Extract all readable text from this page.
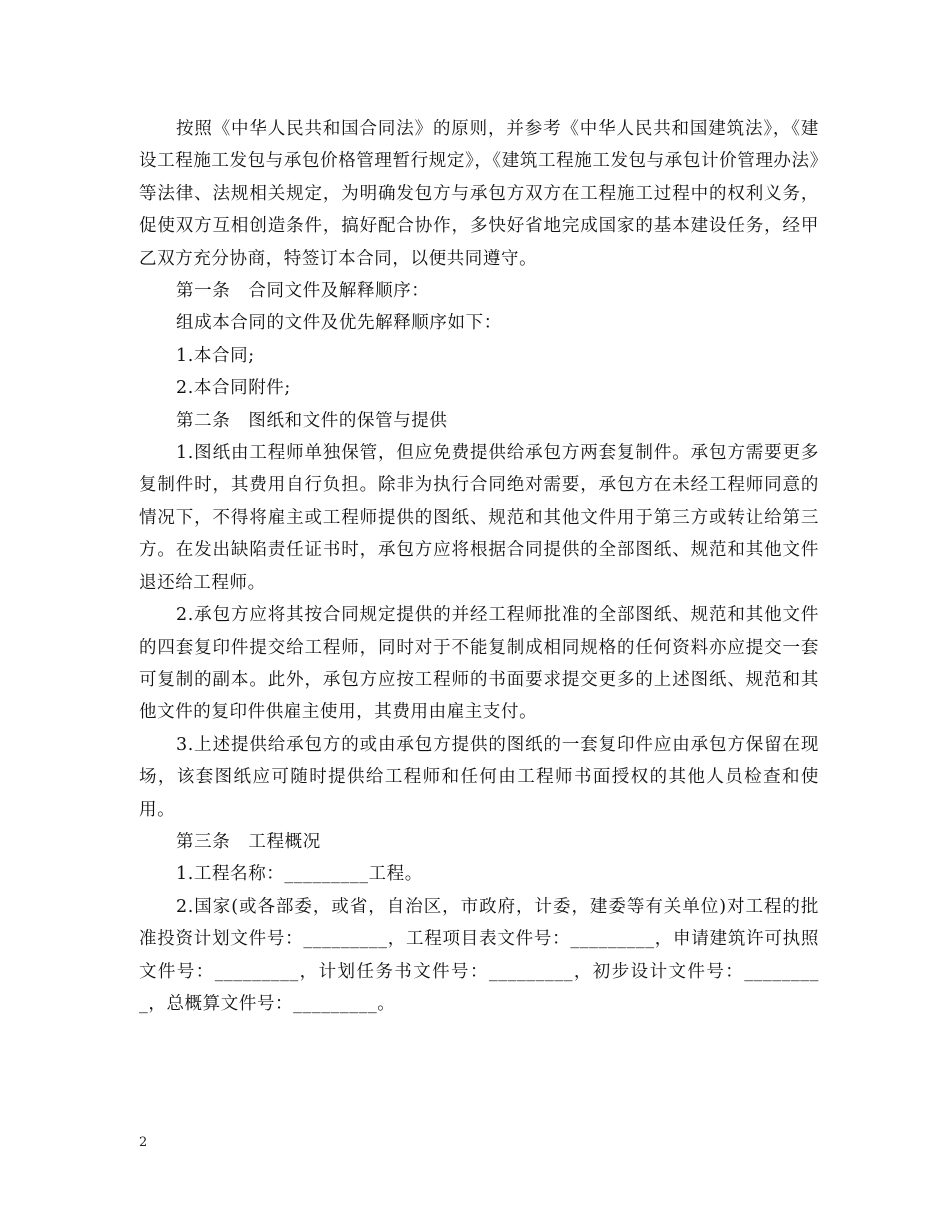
按照《中华人民共和国合同法》的原则，并参考《中华人民共和国建筑法》，《建设工程施工发包与承包价格管理暂行规定》，《建筑工程施工发包与承包计价管理办法》等法律、法规相关规定，为明确发包方与承包方双方在工程施工过程中的权利义务，促使双方互相创造条件，搞好配合协作，多快好省地完成国家的基本建设任务，经甲乙双方充分协商，特签订本合同，以便共同遵守。

第一条　合同文件及解释顺序：

组成本合同的文件及优先解释顺序如下：

1.本合同;

2.本合同附件;

第二条　图纸和文件的保管与提供

1.图纸由工程师单独保管，但应免费提供给承包方两套复制件。承包方需要更多复制件时，其费用自行负担。除非为执行合同绝对需要，承包方在未经工程师同意的情况下，不得将雇主或工程师提供的图纸、规范和其他文件用于第三方或转让给第三方。在发出缺陷责任证书时，承包方应将根据合同提供的全部图纸、规范和其他文件退还给工程师。

2.承包方应将其按合同规定提供的并经工程师批准的全部图纸、规范和其他文件的四套复印件提交给工程师，同时对于不能复制成相同规格的任何资料亦应提交一套可复制的副本。此外，承包方应按工程师的书面要求提交更多的上述图纸、规范和其他文件的复印件供雇主使用，其费用由雇主支付。

3.上述提供给承包方的或由承包方提供的图纸的一套复印件应由承包方保留在现场，该套图纸应可随时提供给工程师和任何由工程师书面授权的其他人员检查和使用。

第三条　工程概况

1.工程名称：_________工程。

2.国家(或各部委，或省，自治区，市政府，计委，建委等有关单位)对工程的批准投资计划文件号：_________，工程项目表文件号：_________，申请建筑许可执照文件号：_________，计划任务书文件号：_________，初步设计文件号：_________，总概算文件号：_________。

2
